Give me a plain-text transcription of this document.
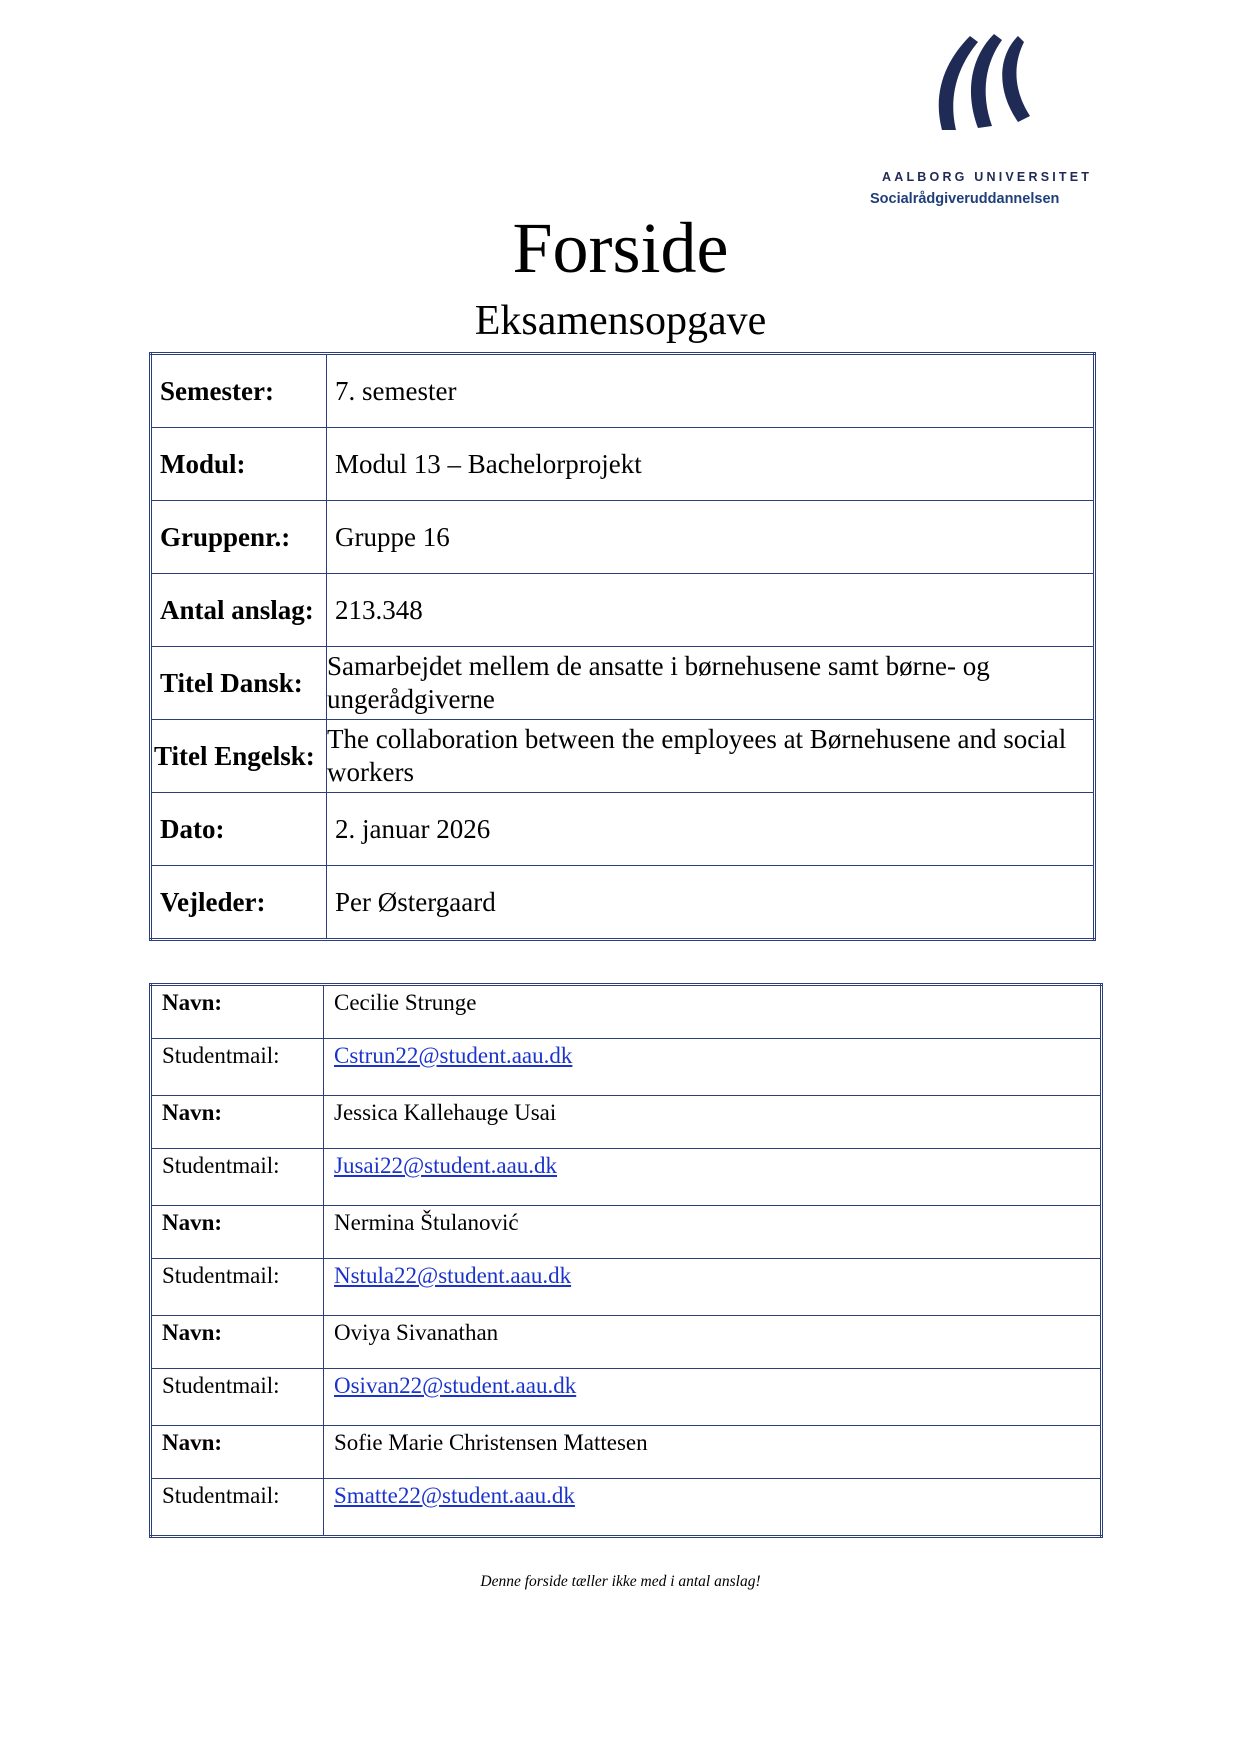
AALBORG UNIVERSITET
Socialrådgiveruddannelsen
Forside
Eksamensopgave
Semester:	7. semester
Modul:	Modul 13 – Bachelorprojekt
Gruppenr.:	Gruppe 16
Antal anslag:	213.348
Titel Dansk:	Samarbejdet mellem de ansatte i børnehusene samt børne- og ungerådgiverne
Titel Engelsk:	The collaboration between the employees at Børnehusene and social workers
Dato:	2. januar 2026
Vejleder:	Per Østergaard
Navn:	Cecilie Strunge
Studentmail:	Cstrun22@student.aau.dk
Navn:	Jessica Kallehauge Usai
Studentmail:	Jusai22@student.aau.dk
Navn:	Nermina Štulanović
Studentmail:	Nstula22@student.aau.dk
Navn:	Oviya Sivanathan
Studentmail:	Osivan22@student.aau.dk
Navn:	Sofie Marie Christensen Mattesen
Studentmail:	Smatte22@student.aau.dk
Denne forside tæller ikke med i antal anslag!
